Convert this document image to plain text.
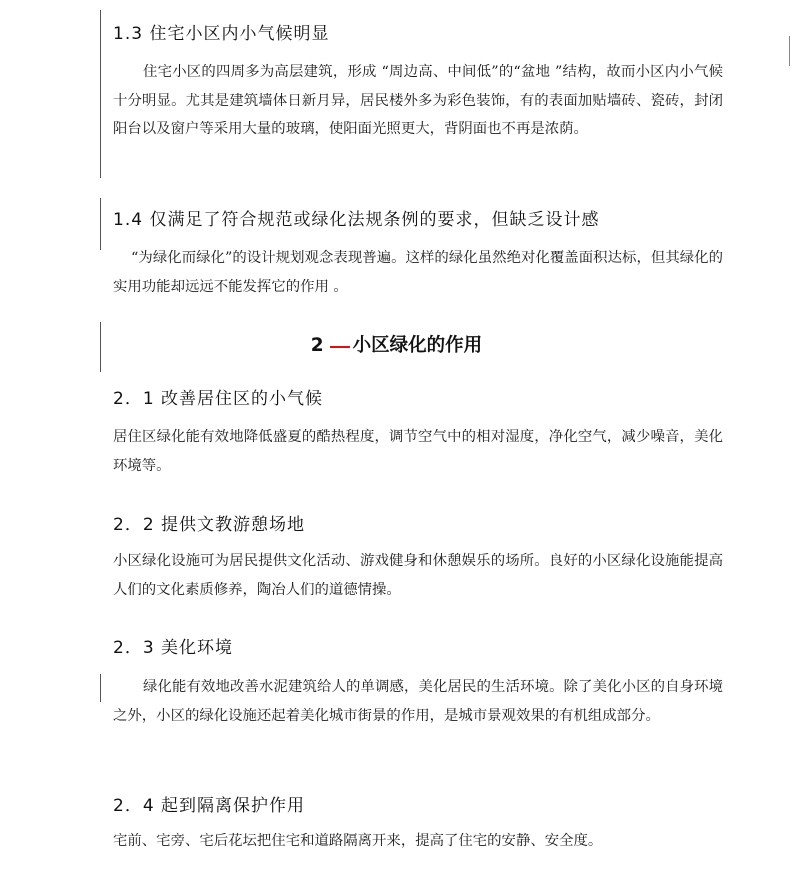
1.3 住宅小区内小气候明显
住宅小区的四周多为高层建筑，形成 “周边高、中间低”的“盆地 ”结构，故而小区内小气候十分明显。尤其是建筑墙体日新月异，居民楼外多为彩色装饰，有的表面加贴墙砖、瓷砖，封闭阳台以及窗户等采用大量的玻璃，使阳面光照更大，背阴面也不再是浓荫。
1.4 仅满足了符合规范或绿化法规条例的要求，但缺乏设计感
“为绿化而绿化”的设计规划观念表现普遍。这样的绿化虽然绝对化覆盖面积达标，但其绿化的实用功能却远远不能发挥它的作用 。
2 小区绿化的作用
2．1 改善居住区的小气候
居住区绿化能有效地降低盛夏的酷热程度，调节空气中的相对湿度，净化空气，减少噪音，美化环境等。
2．2 提供文教游憩场地
小区绿化设施可为居民提供文化活动、游戏健身和休憩娱乐的场所。良好的小区绿化设施能提高人们的文化素质修养，陶冶人们的道德情操。
2．3 美化环境
绿化能有效地改善水泥建筑给人的单调感，美化居民的生活环境。除了美化小区的自身环境之外，小区的绿化设施还起着美化城市街景的作用，是城市景观效果的有机组成部分。
2．4 起到隔离保护作用
宅前、宅旁、宅后花坛把住宅和道路隔离开来，提高了住宅的安静、安全度。
